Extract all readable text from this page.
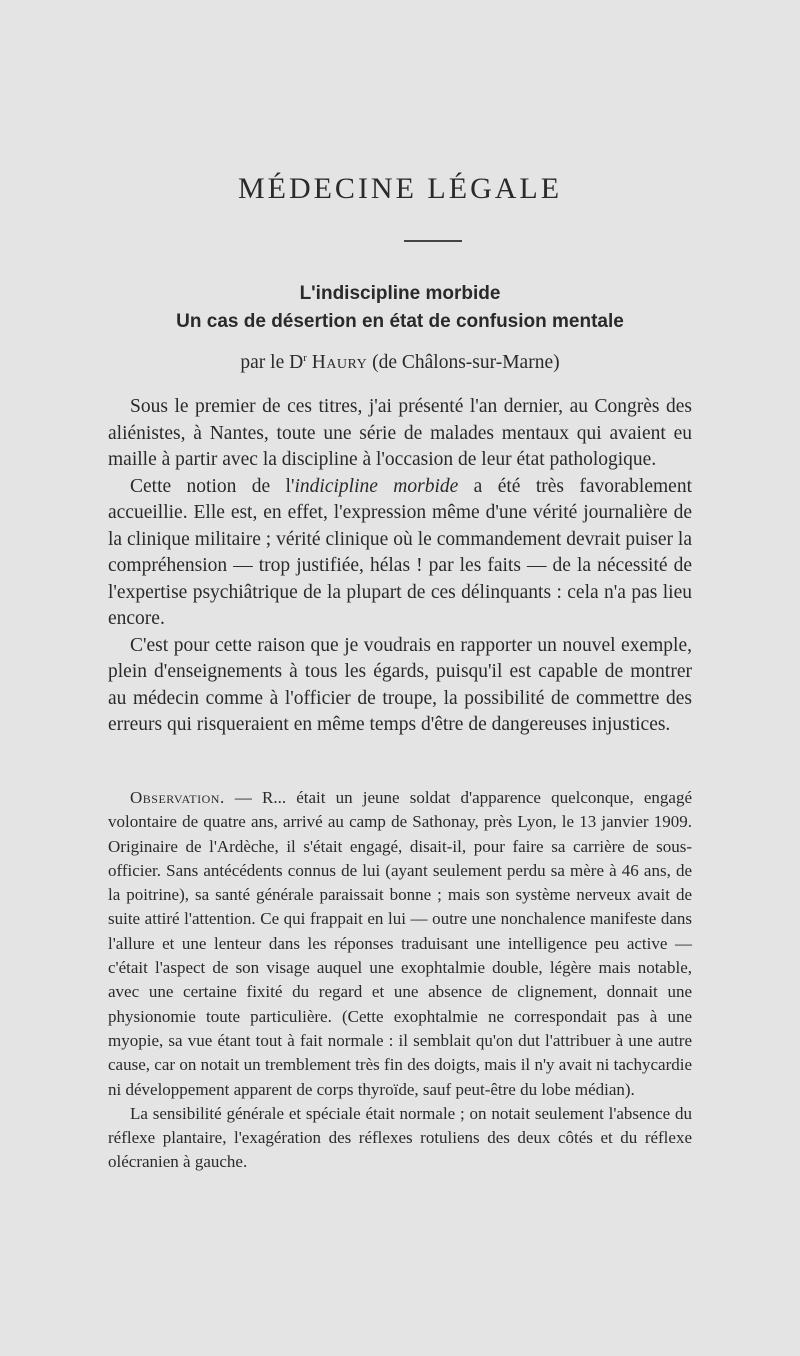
MÉDECINE LÉGALE
L'indiscipline morbide
Un cas de désertion en état de confusion mentale

par le $D^r$ Haury (de Châlons-sur-Marne)

Sous le premier de ces titres, j'ai présenté l'an dernier, au Congrès des aliénistes, à Nantes, toute une série de malades mentaux qui avaient eu maille à partir avec la discipline à l'occasion de leur état pathologique.

Cette notion de l'indicipline morbide a été très favorablement accueillie. Elle est, en effet, l'expression même d'une vérité journalière de la clinique militaire ; vérité clinique où le commandement devrait puiser la compréhension — trop justifiée, hélas ! par les faits — de la nécessité de l'expertise psychiâtrique de la plupart de ces délinquants : cela n'a pas lieu encore.

C'est pour cette raison que je voudrais en rapporter un nouvel exemple, plein d'enseignements à tous les égards, puisqu'il est capable de montrer au médecin comme à l'officier de troupe, la possibilité de commettre des erreurs qui risqueraient en même temps d'être de dangereuses injustices.

Observation. — R... était un jeune soldat d'apparence quelconque, engagé volontaire de quatre ans, arrivé au camp de Sathonay, près Lyon, le 13 janvier 1909. Originaire de l'Ardèche, il s'était engagé, disait-il, pour faire sa carrière de sous-officier. Sans antécédents connus de lui (ayant seulement perdu sa mère à 46 ans, de la poitrine), sa santé générale paraissait bonne ; mais son système nerveux avait de suite attiré l'attention. Ce qui frappait en lui — outre une nonchalence manifeste dans l'allure et une lenteur dans les réponses traduisant une intelligence peu active — c'était l'aspect de son visage auquel une exophtalmie double, légère mais notable, avec une certaine fixité du regard et une absence de clignement, donnait une physionomie toute particulière. (Cette exophtalmie ne correspondait pas à une myopie, sa vue étant tout à fait normale : il semblait qu'on dut l'attribuer à une autre cause, car on notait un tremblement très fin des doigts, mais il n'y avait ni tachycardie ni développement apparent de corps thyroïde, sauf peut-être du lobe médian).

La sensibilité générale et spéciale était normale ; on notait seulement l'absence du réflexe plantaire, l'exagération des réflexes rotuliens des deux côtés et du réflexe olécranien à gauche.
